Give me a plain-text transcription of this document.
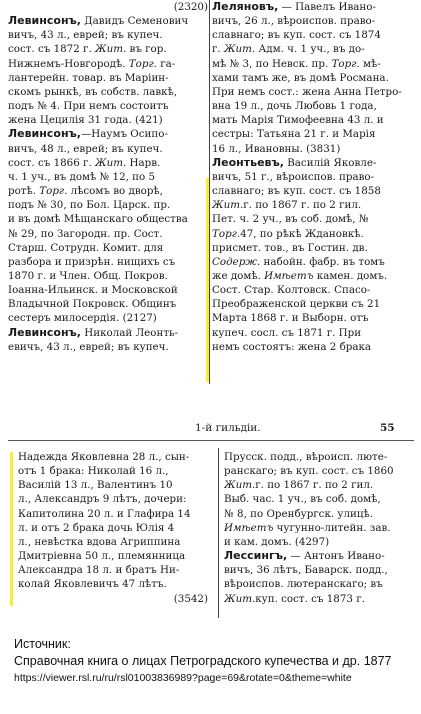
(2320)
Левинсонъ, Давидъ Семенович
вичъ, 43 л., еврей; въ купеч.
сост. съ 1872 г. Жит. въ гор.
Нижнемъ-Новгородѣ. Торг. га-
лантерейн. товар. въ Маріин-
скомъ рынкѣ, въ собств. лавкѣ,
подъ № 4. При немъ состоитъ
жена Цецилія 31 года. (421)
Левинсонъ,—Наумъ Осипо-
вичъ, 48 л., еврей; въ купеч.
сост. съ 1866 г. Жит. Нарв.
ч. 1 уч., въ домѣ № 12, по 5
ротѣ. Торг. лѣсомъ во дворѣ,
подъ № 30, по Бол. Царск. пр.
и въ домѣ Мѣщанскаго общества
№ 29, по Загородн. пр. Сост.
Старш. Сотрудн. Комит. для
разбора и призрѣн. нищихъ съ
1870 г. и Член. Общ. Покров.
Іоанна-Ильинск. и Московской
Владычной Покровск. Общинъ
сестеръ милосердія. (2127)
Левинсонъ, Николай Леонть-
евичъ, 43 л., еврей; въ купеч.
Леляновъ, — Павелъ Ивано-
вичъ, 26 л., вѣроиспов. право-
славнаго; въ куп. сост. съ 1874
г. Жит. Адм. ч. 1 уч., въ до-
мѣ № 3, по Невск. пр. Торг. мѣ-
хами тамъ же, въ домѣ Росмана.
При немъ сост.: жена Анна Петро-
вна 19 л., дочь Любовь 1 года,
мать Марія Тимофеевна 43 л. и
сестры: Татьяна 21 г. и Марія
16 л., Ивановны. (3831)
Леонтьевъ, Василій Яковле-
вичъ, 51 г., вѣроиспов. право-
славнаго; въ куп. сост. съ 1858
Жит.г. по 1867 г. по 2 гил.
Пет. ч. 2 уч., въ соб. домѣ, №
Торг.47, по рѣкѣ Ждановкѣ.
присмет. тов., въ Гостин. дв.
Содерж. набойн. фабр. въ томъ
же домѣ. Имѣетъ камен. домъ.
Сост. Стар. Колтовск. Спасо-
Преображенской церкви съ 21
Марта 1868 г. и Выборн. отъ
купеч. сосл. съ 1871 г. При
немъ состоятъ: жена 2 брака
1-й гильдіи.	55
Надежда Яковлевна 28 л., сын-
отъ 1 брака: Николай 16 л.,
Василій 13 л., Валентинъ 10
л., Александръ 9 лѣтъ, дочери:
Капитолина 20 л. и Глафира 14
л. и отъ 2 брака дочь Юлія 4
л., невѣстка вдова Агриппина
Дмитріевна 50 л., племянница
Александра 18 л. и братъ Ни-
колай Яковлевичъ 47 лѣтъ.
(3542)
Прусск. подд., вѣроисп. люте-
ранскаго; въ куп. сост. съ 1860
Жит.г. по 1867 г. по 2 гил.
Выб. час. 1 уч., въ соб. домѣ,
№ 8, по Оренбургск. улицѣ.
Имѣетъ чугунно-литейн. зав.
и кам. домъ. (4297)
Лессингъ, — Антонъ Ивано-
вичъ, 36 лѣтъ, Баварск. подд.,
вѣроиспов. лютеранскаго; въ
Жит.куп. сост. съ 1873 г.
Источник:
Справочная книга о лицах Петроградского купечества и др. 1877
https://viewer.rsl.ru/ru/rsl01003836989?page=69&rotate=0&theme=white
